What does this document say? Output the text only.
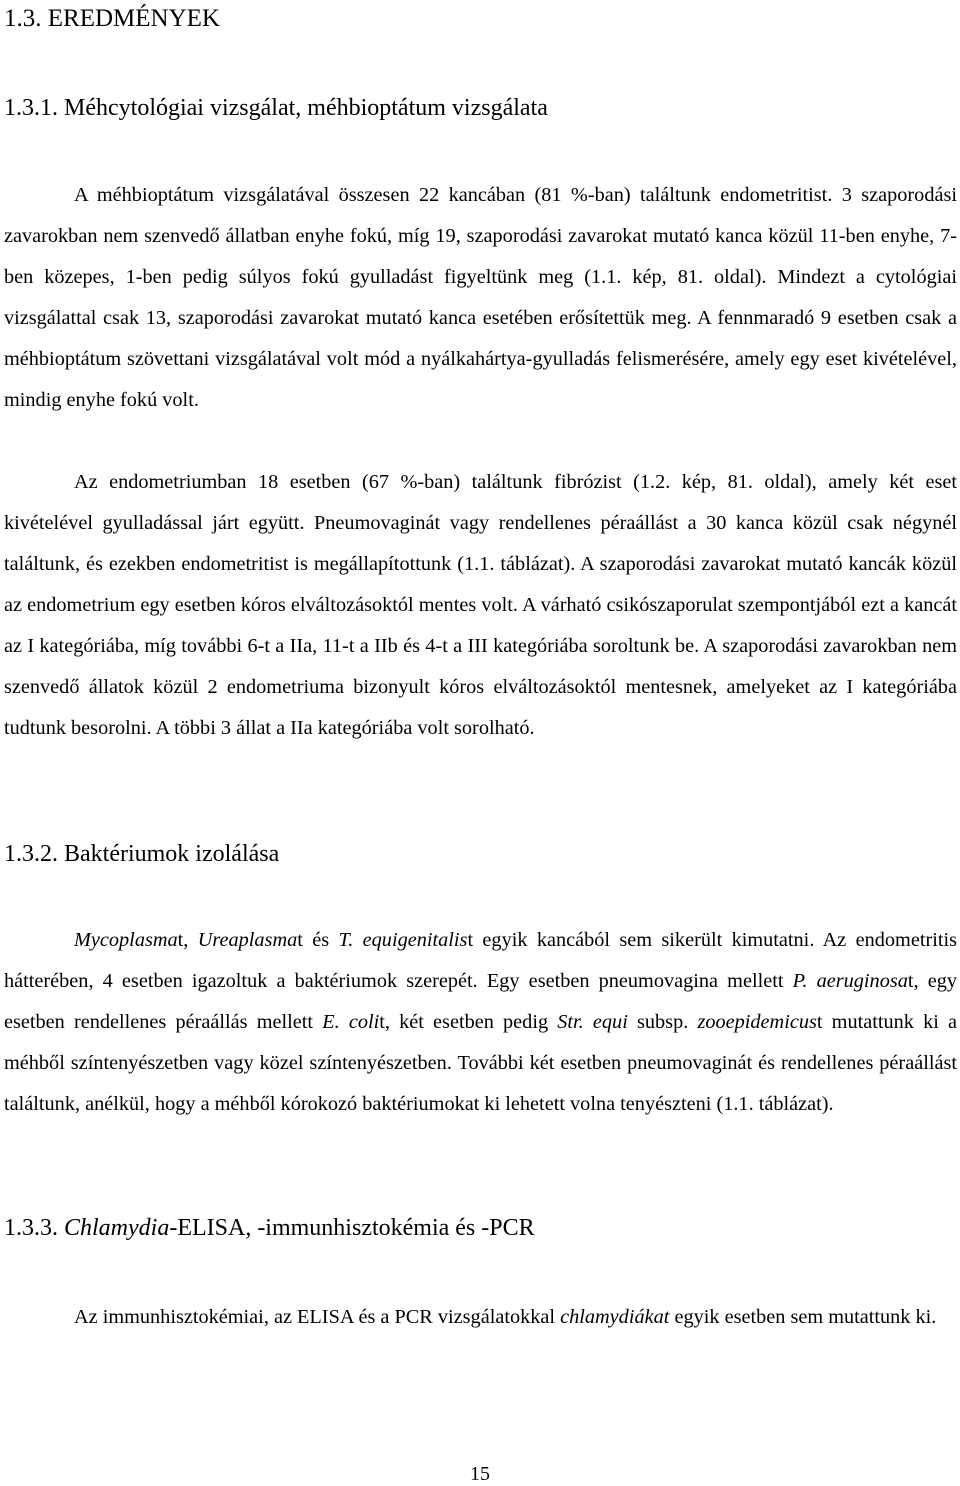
1.3. EREDMÉNYEK
1.3.1. Méhcytológiai vizsgálat, méhbioptátum vizsgálata

A méhbioptátum vizsgálatával összesen 22 kancában (81 %-ban) találtunk endometritist. 3 szaporodási zavarokban nem szenvedő állatban enyhe fokú, míg 19, szaporodási zavarokat mutató kanca közül 11-ben enyhe, 7-ben közepes, 1-ben pedig súlyos fokú gyulladást figyeltünk meg (1.1. kép, 81. oldal). Mindezt a cytológiai vizsgálattal csak 13, szaporodási zavarokat mutató kanca esetében erősítettük meg. A fennmaradó 9 esetben csak a méhbioptátum szövettani vizsgálatával volt mód a nyálkahártya-gyulladás felismerésére, amely egy eset kivételével, mindig enyhe fokú volt.

Az endometriumban 18 esetben (67 %-ban) találtunk fibrózist (1.2. kép, 81. oldal), amely két eset kivételével gyulladással járt együtt. Pneumovaginát vagy rendellenes péraállást a 30 kanca közül csak négynél találtunk, és ezekben endometritist is megállapítottunk (1.1. táblázat). A szaporodási zavarokat mutató kancák közül az endometrium egy esetben kóros elváltozásoktól mentes volt. A várható csikószaporulat szempontjából ezt a kancát az I kategóriába, míg további 6-t a IIa, 11-t a IIb és 4-t a III kategóriába soroltunk be. A szaporodási zavarokban nem szenvedő állatok közül 2 endometriuma bizonyult kóros elváltozásoktól mentesnek, amelyeket az I kategóriába tudtunk besorolni. A többi 3 állat a IIa kategóriába volt sorolható.

1.3.2. Baktériumok izolálása

Mycoplasmat, Ureaplasmat és T. equigenitalist egyik kancából sem sikerült kimutatni. Az endometritis hátterében, 4 esetben igazoltuk a baktériumok szerepét. Egy esetben pneumovagina mellett P. aeruginosat, egy esetben rendellenes péraállás mellett E. colit, két esetben pedig Str. equi subsp. zooepidemicust mutattunk ki a méhből színtenyészetben vagy közel színtenyészetben. További két esetben pneumovaginát és rendellenes péraállást találtunk, anélkül, hogy a méhből kórokozó baktériumokat ki lehetett volna tenyészteni (1.1. táblázat).

1.3.3. Chlamydia-ELISA, -immunhisztokémia és -PCR

Az immunhisztokémiai, az ELISA és a PCR vizsgálatokkal chlamydiákat egyik esetben sem mutattunk ki.

15
